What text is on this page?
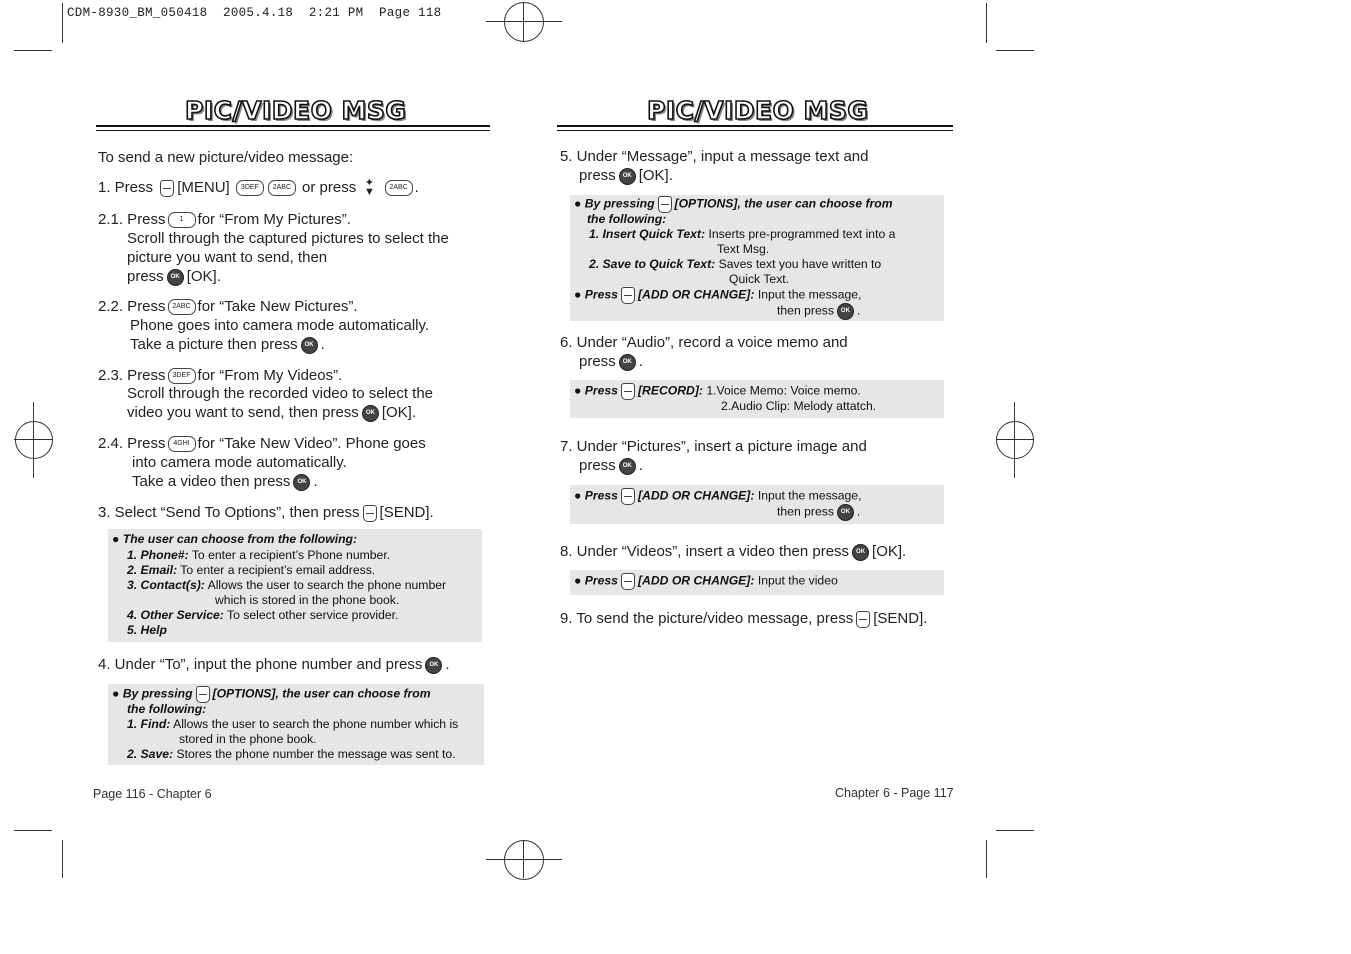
CDM-8930_BM_050418  2005.4.18  2:21 PM  Page 118
PIC/VIDEO MSG
To send a new picture/video message:
1. Press [MENU] 3DEF 2ABC or press ✦
▼ 2ABC .
2.1. Press 1 for “From My Pictures”.
Scroll through the captured pictures to select the
picture you want to send, then
press OK [OK].
2.2. Press 2ABC for “Take New Pictures”.
Phone goes into camera mode automatically.
Take a picture then press OK .
2.3. Press 3DEF for “From My Videos”.
Scroll through the recorded video to select the
video you want to send, then press OK [OK].
2.4. Press 4GHI for “Take New Video”. Phone goes
into camera mode automatically.
Take a video then press OK .
3. Select “Send To Options”, then press [SEND].
● The user can choose from the following:
1. Phone#: To enter a recipient’s Phone number.
2. Email: To enter a recipient’s email address.
3. Contact(s): Allows the user to search the phone number
which is stored in the phone book.
4. Other Service: To select other service provider.
5. Help
4. Under “To”, input the phone number and press OK .
● By pressing [OPTIONS], the user can choose from
the following:
1. Find: Allows the user to search the phone number which is
stored in the phone book.
2. Save: Stores the phone number the message was sent to.
Page 116 - Chapter 6
PIC/VIDEO MSG
5. Under “Message”, input a message text and
press OK [OK].
● By pressing [OPTIONS], the user can choose from
the following:
1. Insert Quick Text: Inserts pre-programmed text into a
Text Msg.
2. Save to Quick Text: Saves text you have written to
Quick Text.
● Press [ADD OR CHANGE]: Input the message,
then press OK .
6. Under “Audio”, record a voice memo and
press OK .
● Press [RECORD]: 1.Voice Memo: Voice memo.
2.Audio Clip: Melody attatch.
7. Under “Pictures”, insert a picture image and
press OK .
● Press [ADD OR CHANGE]: Input the message,
then press OK .
8. Under “Videos”, insert a video then press OK [OK].
● Press [ADD OR CHANGE]: Input the video
9. To send the picture/video message, press [SEND].
Chapter 6 - Page 117
